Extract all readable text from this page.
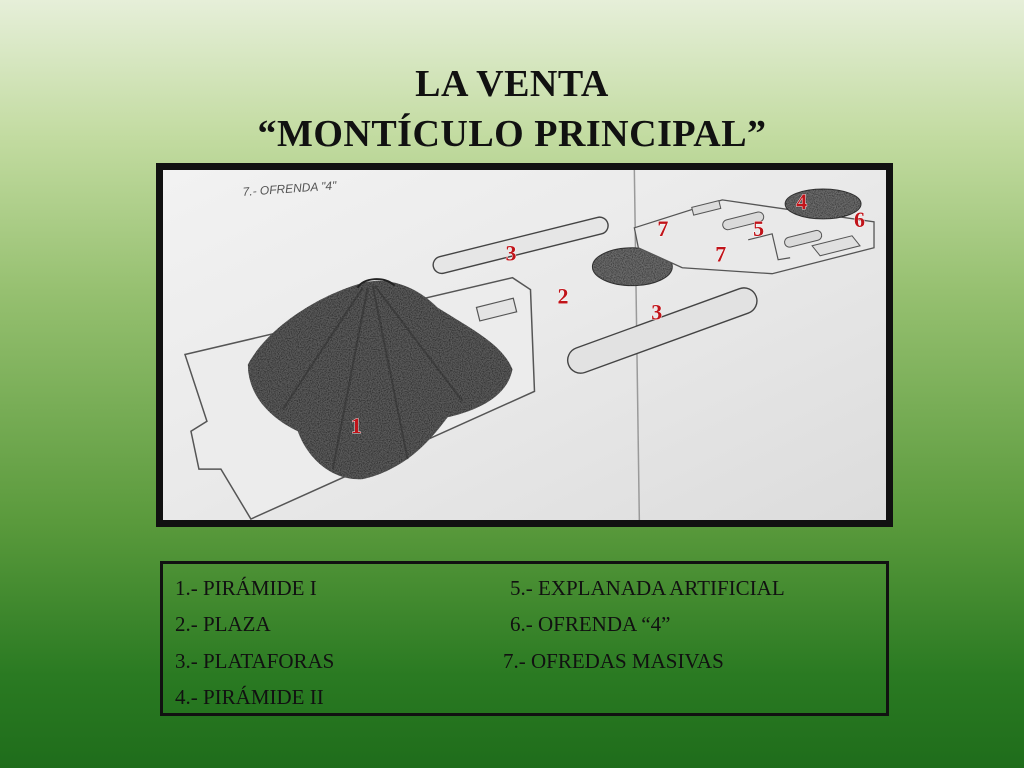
LA VENTA
“MONTÍCULO PRINCIPAL”
7.- OFRENDA "4"
1
2
3
3
4
5	6
7
7
1.- PIRÁMIDE I
2.- PLAZA
3.- PLATAFORAS
4.- PIRÁMIDE II
5.- EXPLANADA ARTIFICIAL
6.- OFRENDA “4”
7.- OFREDAS MASIVAS
